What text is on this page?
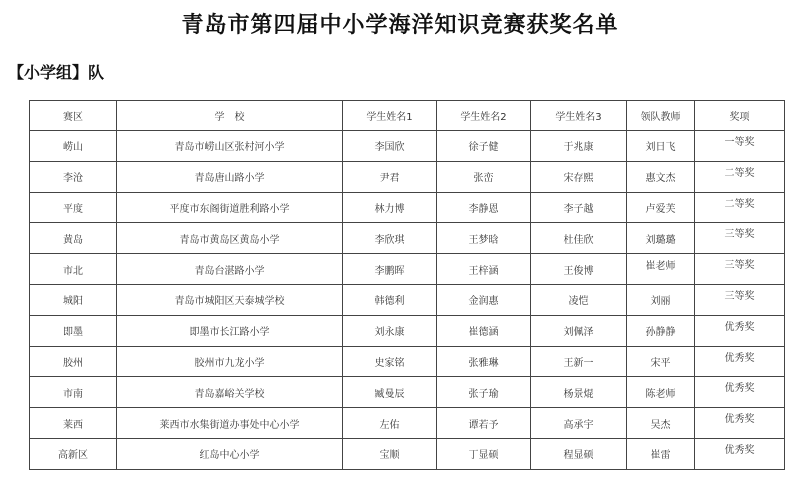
青岛市第四届中小学海洋知识竞赛获奖名单
【小学组】队
赛区	学　校	学生姓名1	学生姓名2	学生姓名3	领队教师	奖项
崂山	青岛市崂山区张村河小学	李国欣	徐子健	于兆康	刘日飞	一等奖
李沧	青岛唐山路小学	尹君	张峦	宋存熙	惠文杰	二等奖
平度	平度市东阁街道胜利路小学	林力博	李静恩	李子越	卢爱芙	二等奖
黄岛	青岛市黄岛区黄岛小学	李欣琪	王梦晗	杜佳欣	刘璐璐	三等奖
市北	青岛台湛路小学	李鹏晖	王梓涵	王俊博	崔老师	三等奖
城阳	青岛市城阳区天泰城学校	韩德利	金润惠	凌恺	刘丽	三等奖
即墨	即墨市长江路小学	刘永康	崔德涵	刘佩泽	孙静静	优秀奖
胶州	胶州市九龙小学	史家铭	张雅琳	王新一	宋平	优秀奖
市南	青岛嘉峪关学校	臧曼辰	张子瑜	杨景焜	陈老师	优秀奖
莱西	莱西市水集街道办事处中心小学	左佑	谭若予	高承宇	吴杰	优秀奖
高新区	红岛中心小学	宝顺	丁显硕	程显硕	崔雷	优秀奖
